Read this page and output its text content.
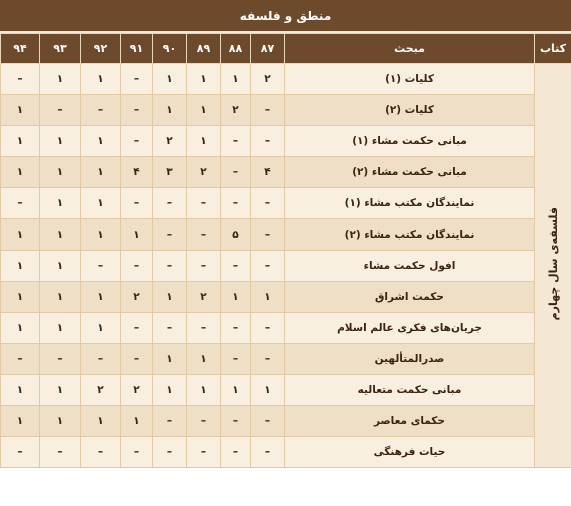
منطق و فلسفه
کتاب	مبحث	۸۷	۸۸	۸۹	۹۰	۹۱	۹۲	۹۳	۹۴
فلسفه‌ی سال چهارم	کلیات (۱)	۲	۱	۱	۱	–	۱	۱	–
	کلیات (۲)	–	۲	۱	۱	–	–	–	۱
	مبانی حکمت مشاء (۱)	–	–	۱	۲	–	۱	۱	۱
	مبانی حکمت مشاء (۲)	۴	–	۲	۳	۴	۱	۱	۱
	نمایندگان مکتب مشاء (۱)	–	–	–	–	–	۱	۱	–
	نمایندگان مکتب مشاء (۲)	–	۵	–	–	۱	۱	۱	۱
	افول حکمت مشاء	–	–	–	–	–	–	۱	۱
	حکمت اشراق	۱	۱	۲	۱	۲	۱	۱	۱
	جریان‌های فکری عالم اسلام	–	–	–	–	–	۱	۱	۱
	صدرالمتألهین	–	–	۱	۱	–	–	–	–
	مبانی حکمت متعالیه	۱	۱	۱	۱	۲	۲	۱	۱
	حکمای معاصر	–	–	–	–	۱	۱	۱	۱
	حیات فرهنگی	–	–	–	–	–	–	–	–
